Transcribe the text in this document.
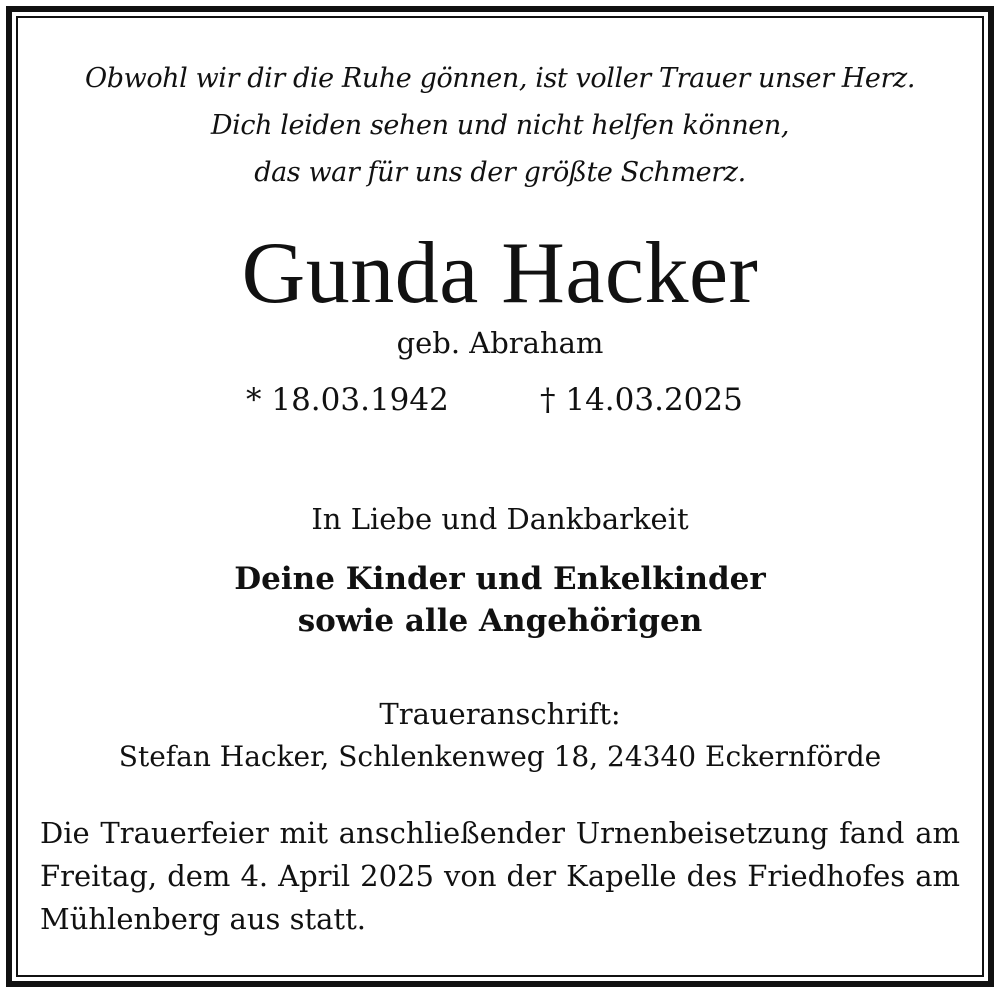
Obwohl wir dir die Ruhe gönnen, ist voller Trauer unser Herz.
Dich leiden sehen und nicht helfen können,
das war für uns der größte Schmerz.
Gunda Hacker
geb. Abraham
* 18.03.1942	† 14.03.2025
In Liebe und Dankbarkeit
Deine Kinder und Enkelkinder
sowie alle Angehörigen
Traueranschrift:
Stefan Hacker, Schlenkenweg 18, 24340 Eckernförde
Die Trauerfeier mit anschließender Urnenbeisetzung fand am Freitag, dem 4. April 2025 von der Kapelle des Friedhofes am Mühlenberg aus statt.
